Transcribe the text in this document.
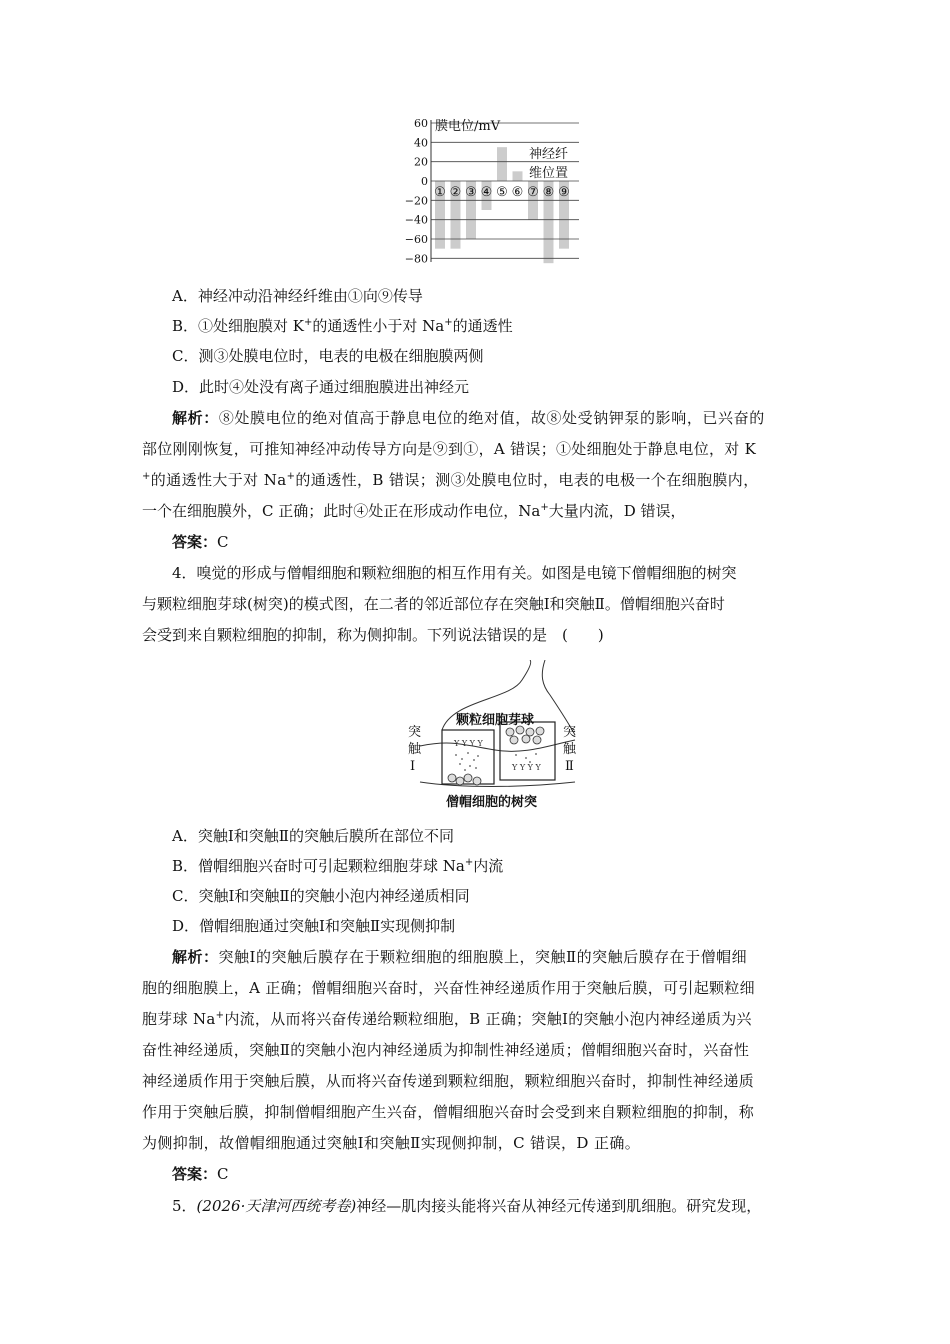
60
40
20
0
−20
−40
−60
−80
① ② ③ ④ ⑤ ⑥ ⑦ ⑧ ⑨
膜电位/mV
神经纤
维位置
A．神经冲动沿神经纤维由①向⑨传导
B．①处细胞膜对 K+的通透性小于对 Na+的通透性
C．测③处膜电位时，电表的电极在细胞膜两侧
D．此时④处没有离子通过细胞膜进出神经元
解析：⑧处膜电位的绝对值高于静息电位的绝对值，故⑧处受钠钾泵的影响，已兴奋的
部位刚刚恢复，可推知神经冲动传导方向是⑨到①，A 错误；①处细胞处于静息电位，对 K
+的通透性大于对 Na+的通透性，B 错误；测③处膜电位时，电表的电极一个在细胞膜内，
一个在细胞膜外，C 正确；此时④处正在形成动作电位，Na+大量内流，D 错误，
答案：C
4．嗅觉的形成与僧帽细胞和颗粒细胞的相互作用有关。如图是电镜下僧帽细胞的树突
与颗粒细胞芽球(树突)的模式图，在二者的邻近部位存在突触Ⅰ和突触Ⅱ。僧帽细胞兴奋时
会受到来自颗粒细胞的抑制，称为侧抑制。下列说法错误的是　(　　)
Y Y Y Y
Y Y Y Y
颗粒细胞芽球
僧帽细胞的树突
突
触
Ⅰ
突
触
Ⅱ
A．突触Ⅰ和突触Ⅱ的突触后膜所在部位不同
B．僧帽细胞兴奋时可引起颗粒细胞芽球 Na+内流
C．突触Ⅰ和突触Ⅱ的突触小泡内神经递质相同
D．僧帽细胞通过突触Ⅰ和突触Ⅱ实现侧抑制
解析：突触Ⅰ的突触后膜存在于颗粒细胞的细胞膜上，突触Ⅱ的突触后膜存在于僧帽细
胞的细胞膜上，A 正确；僧帽细胞兴奋时，兴奋性神经递质作用于突触后膜，可引起颗粒细
胞芽球 Na+内流，从而将兴奋传递给颗粒细胞，B 正确；突触Ⅰ的突触小泡内神经递质为兴
奋性神经递质，突触Ⅱ的突触小泡内神经递质为抑制性神经递质；僧帽细胞兴奋时，兴奋性
神经递质作用于突触后膜，从而将兴奋传递到颗粒细胞，颗粒细胞兴奋时，抑制性神经递质
作用于突触后膜，抑制僧帽细胞产生兴奋，僧帽细胞兴奋时会受到来自颗粒细胞的抑制，称
为侧抑制，故僧帽细胞通过突触Ⅰ和突触Ⅱ实现侧抑制，C 错误，D 正确。
答案：C
5．(2026·天津河西统考卷)神经—肌肉接头能将兴奋从神经元传递到肌细胞。研究发现，
